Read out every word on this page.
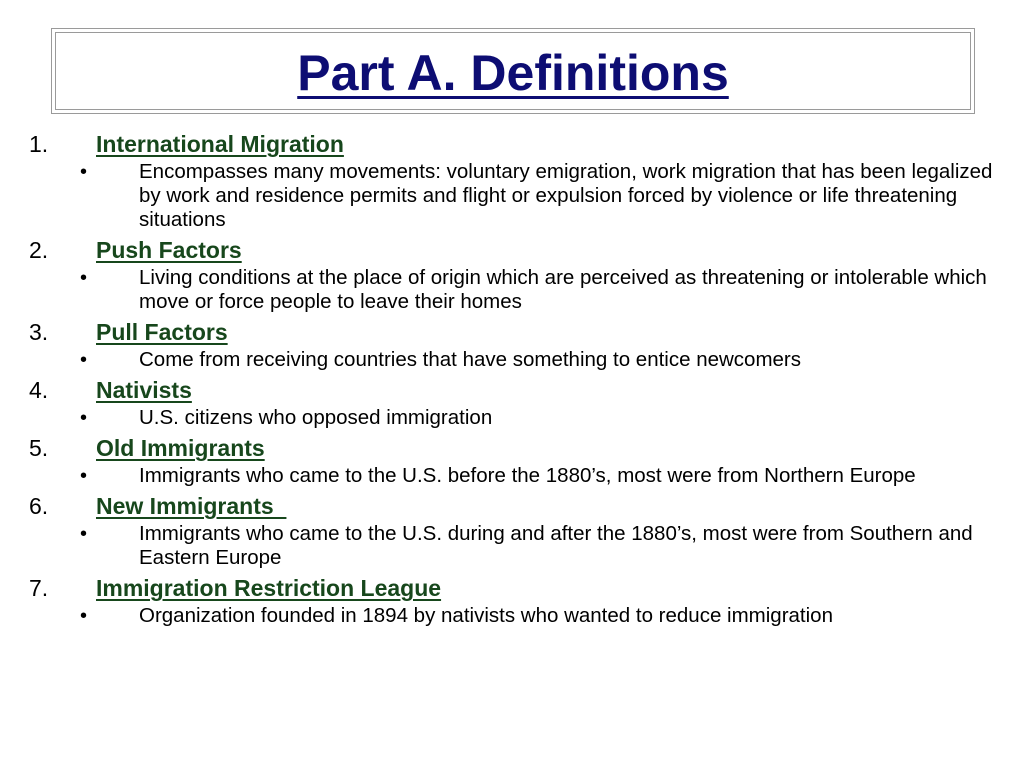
Part A. Definitions
1. International Migration
•	Encompasses many movements: voluntary emigration, work migration that has been legalized by work and residence permits and flight or expulsion forced by violence or life threatening situations
2. Push Factors
•	Living conditions at the place of origin which are perceived as threatening or intolerable which move or force people to leave their homes
3. Pull Factors
•	Come from receiving countries that have something to entice newcomers
4. Nativists
•	U.S. citizens who opposed immigration
5. Old Immigrants
•	Immigrants who came to the U.S. before the 1880’s, most were from Northern Europe
6. New Immigrants
•	Immigrants who came to the U.S. during and after the 1880’s, most were from Southern and Eastern Europe
7. Immigration Restriction League
•	Organization founded in 1894 by nativists who wanted to reduce immigration
